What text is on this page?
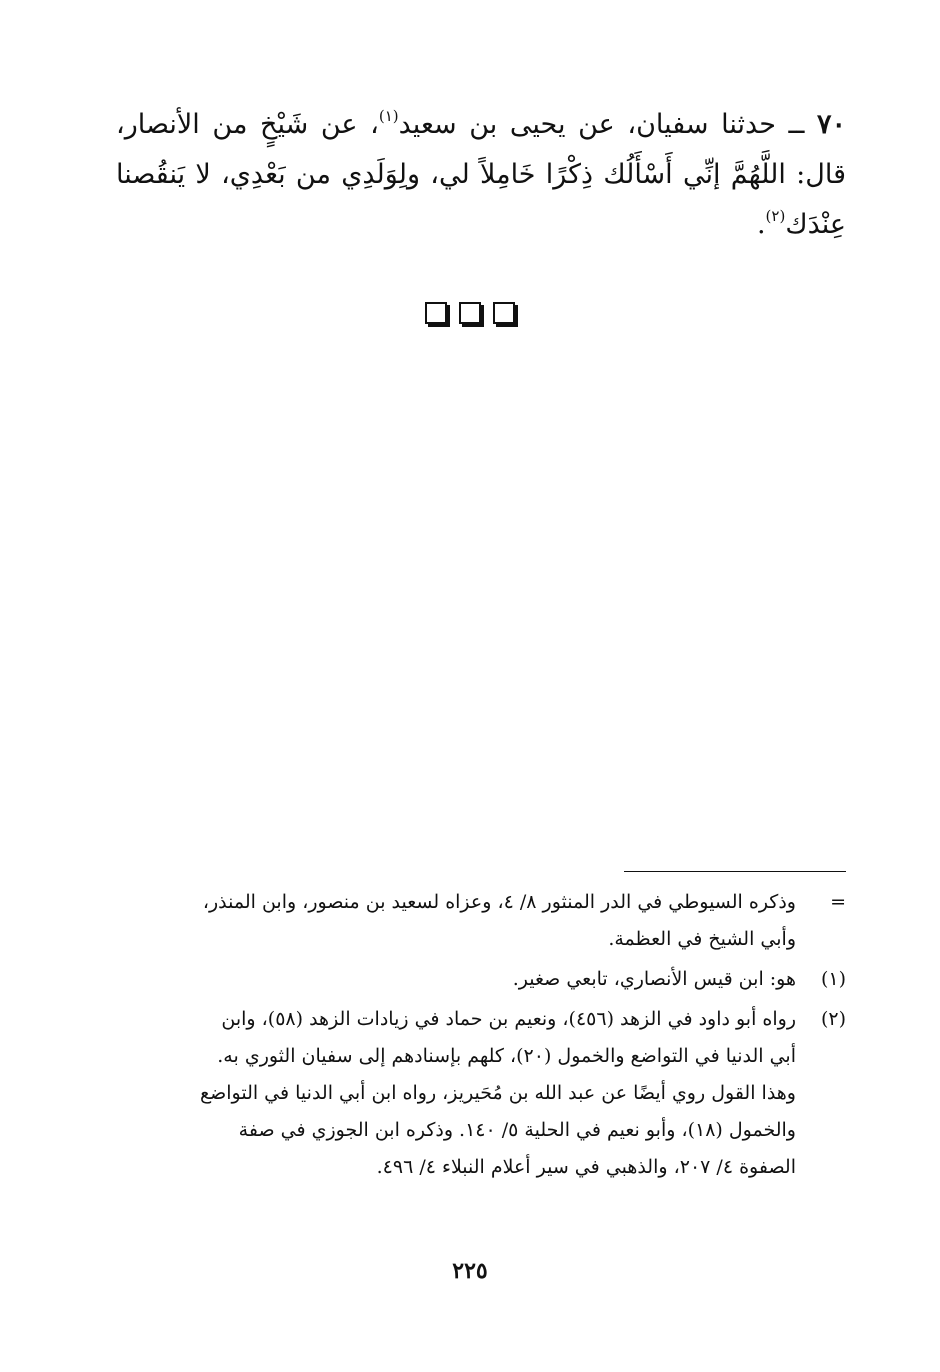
٧٠ ــ حدثنا سفيان، عن يحيى بن سعيد$^{(١)}$، عن شَيْخٍ من الأنصار، قال: اللَّهُمَّ إنِّي أَسْأَلُك ذِكْرًا خَامِلاً لي، ولِوَلَدِي من بَعْدِي، لا يَنقُصنا عِنْدَك$^{(٢)}$.

=
وذكره السيوطي في الدر المنثور ٨/ ٤، وعزاه لسعيد بن منصور، وابن المنذر،
وأبي الشيخ في العظمة.
(١)
هو: ابن قيس الأنصاري، تابعي صغير.
(٢)
رواه أبو داود في الزهد (٤٥٦)، ونعيم بن حماد في زيادات الزهد (٥٨)، وابن
أبي الدنيا في التواضع والخمول (٢٠)، كلهم بإسنادهم إلى سفيان الثوري به.
وهذا القول روي أيضًا عن عبد الله بن مُحَيريز، رواه ابن أبي الدنيا في التواضع
والخمول (١٨)، وأبو نعيم في الحلية ٥/ ١٤٠. وذكره ابن الجوزي في صفة
الصفوة ٤/ ٢٠٧، والذهبي في سير أعلام النبلاء ٤/ ٤٩٦.
٢٢٥
